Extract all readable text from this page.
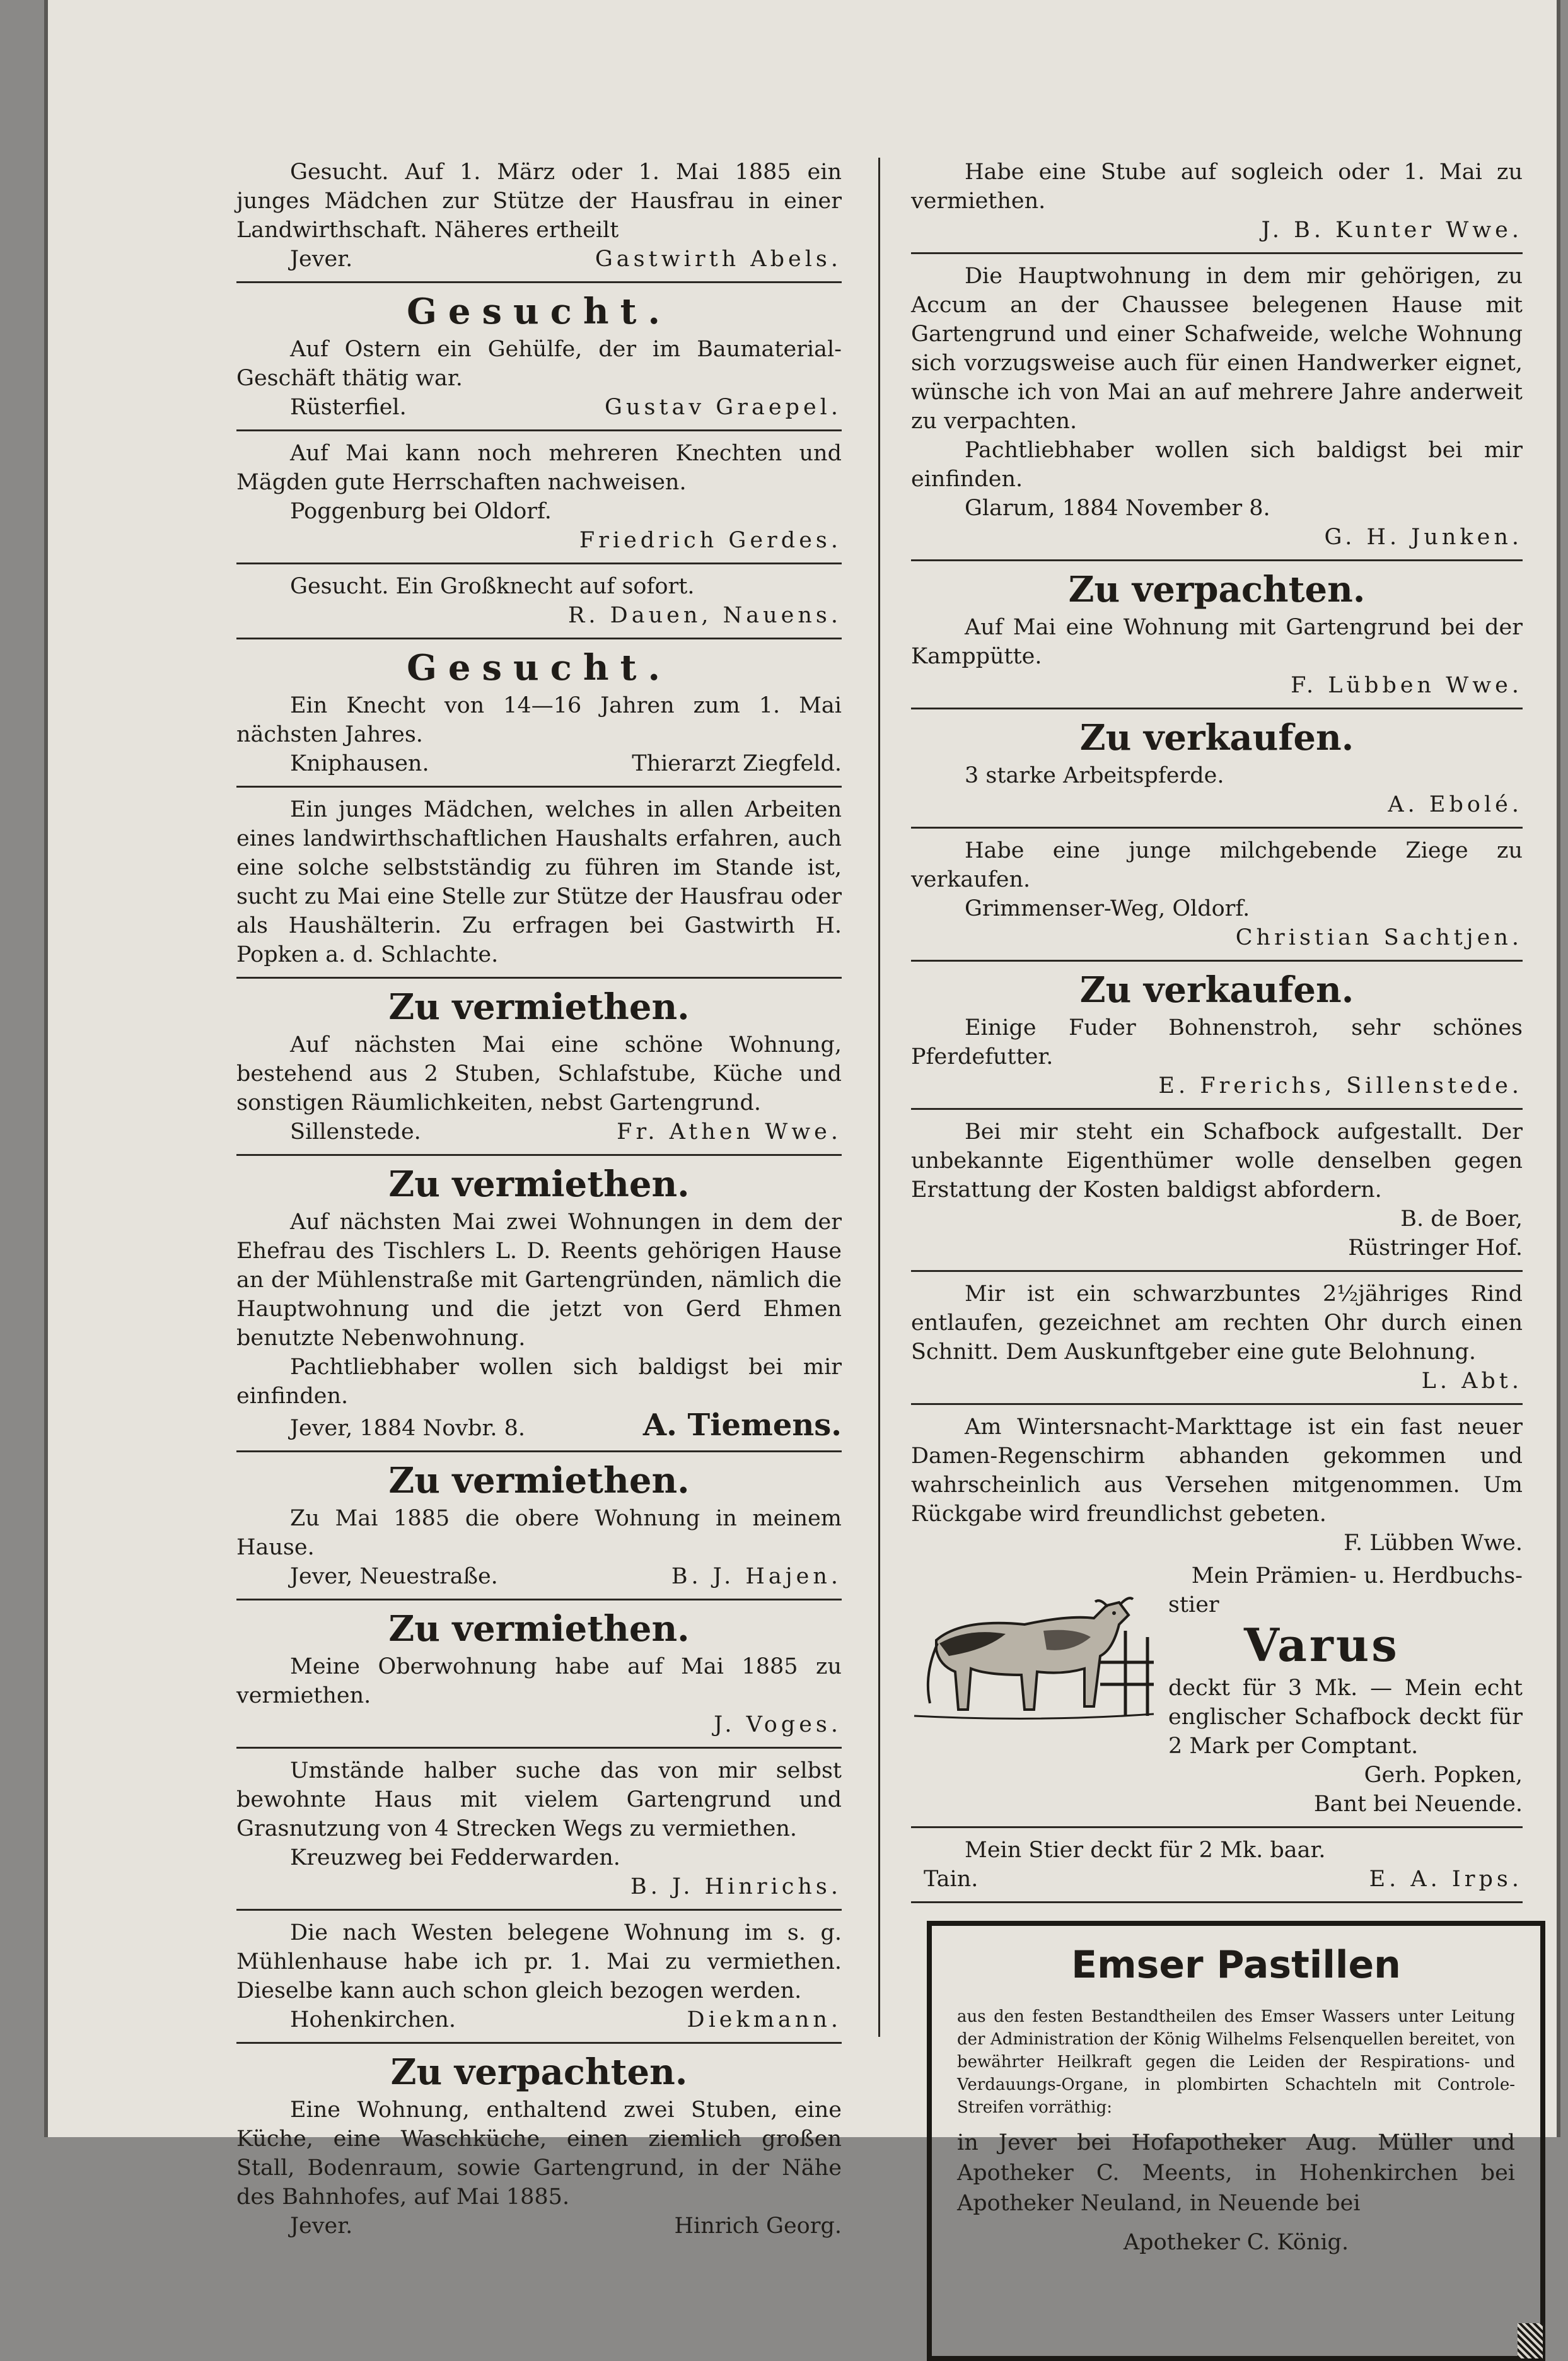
Gesucht. Auf 1. März oder 1. Mai 1885 ein junges Mädchen zur Stütze der Hausfrau in einer Landwirthschaft. Näheres ertheilt

Jever.	Gastwirth Abels.
Gesucht.

Auf Ostern ein Gehülfe, der im Baumaterial-Geschäft thätig war.

Rüsterfiel.	Gustav Graepel.

Auf Mai kann noch mehreren Knechten und Mägden gute Herrschaften nachweisen.

Poggenburg bei Oldorf.
Friedrich Gerdes.

Gesucht. Ein Großknecht auf sofort.

R. Dauen, Nauens.
Gesucht.

Ein Knecht von 14—16 Jahren zum 1. Mai nächsten Jahres.

Kniphausen.	Thierarzt Ziegfeld.

Ein junges Mädchen, welches in allen Arbeiten eines landwirthschaftlichen Haushalts erfahren, auch eine solche selbstständig zu führen im Stande ist, sucht zu Mai eine Stelle zur Stütze der Hausfrau oder als Haushälterin. Zu erfragen bei Gastwirth H. Popken a. d. Schlachte.

Zu vermiethen.

Auf nächsten Mai eine schöne Wohnung, bestehend aus 2 Stuben, Schlafstube, Küche und sonstigen Räumlichkeiten, nebst Gartengrund.

Sillenstede.	Fr. Athen Wwe.
Zu vermiethen.

Auf nächsten Mai zwei Wohnungen in dem der Ehefrau des Tischlers L. D. Reents gehörigen Hause an der Mühlenstraße mit Gartengründen, nämlich die Hauptwohnung und die jetzt von Gerd Ehmen benutzte Nebenwohnung.

Pachtliebhaber wollen sich baldigst bei mir einfinden.

Jever, 1884 Novbr. 8.	A. Tiemens.
Zu vermiethen.

Zu Mai 1885 die obere Wohnung in meinem Hause.

Jever, Neuestraße.	B. J. Hajen.
Zu vermiethen.

Meine Oberwohnung habe auf Mai 1885 zu vermiethen.

J. Voges.

Umstände halber suche das von mir selbst bewohnte Haus mit vielem Gartengrund und Grasnutzung von 4 Strecken Wegs zu vermiethen.

Kreuzweg bei Fedderwarden.
B. J. Hinrichs.

Die nach Westen belegene Wohnung im s. g. Mühlenhause habe ich pr. 1. Mai zu vermiethen. Dieselbe kann auch schon gleich bezogen werden.

Hohenkirchen.	Diekmann.
Zu verpachten.

Eine Wohnung, enthaltend zwei Stuben, eine Küche, eine Waschküche, einen ziemlich großen Stall, Bodenraum, sowie Gartengrund, in der Nähe des Bahnhofes, auf Mai 1885.

Jever.	Hinrich Georg.

Habe eine Stube auf sogleich oder 1. Mai zu vermiethen.

J. B. Kunter Wwe.

Die Hauptwohnung in dem mir gehörigen, zu Accum an der Chaussee belegenen Hause mit Gartengrund und einer Schafweide, welche Wohnung sich vorzugsweise auch für einen Handwerker eignet, wünsche ich von Mai an auf mehrere Jahre anderweit zu verpachten.

Pachtliebhaber wollen sich baldigst bei mir einfinden.

Glarum, 1884 November 8.
G. H. Junken.
Zu verpachten.

Auf Mai eine Wohnung mit Gartengrund bei der Kamppütte.

F. Lübben Wwe.
Zu verkaufen.

3 starke Arbeitspferde.

A. Ebolé.

Habe eine junge milchgebende Ziege zu verkaufen.

Grimmenser-Weg, Oldorf.
Christian Sachtjen.
Zu verkaufen.

Einige Fuder Bohnenstroh, sehr schönes Pferdefutter.

E. Frerichs, Sillenstede.

Bei mir steht ein Schafbock aufgestallt. Der unbekannte Eigenthümer wolle denselben gegen Erstattung der Kosten baldigst abfordern.

B. de Boer,
Rüstringer Hof.

Mir ist ein schwarzbuntes 2½jähriges Rind entlaufen, gezeichnet am rechten Ohr durch einen Schnitt. Dem Auskunftgeber eine gute Belohnung.

L. Abt.

Am Wintersnacht-Markttage ist ein fast neuer Damen-Regenschirm abhanden gekommen und wahrscheinlich aus Versehen mitgenommen. Um Rückgabe wird freundlichst gebeten.

F. Lübben Wwe.
Mein Prämien- u. Herdbuchs-
stier
Varus

deckt für 3 Mk. — Mein echt englischer Schafbock deckt für 2 Mark per Comptant.

Gerh. Popken,
Bant bei Neuende.

Mein Stier deckt für 2 Mk. baar.

Tain.	E. A. Irps.
Emser Pastillen
aus den festen Bestandtheilen des Emser Wassers unter Leitung der Administration der König Wilhelms Felsenquellen bereitet, von bewährter Heilkraft gegen die Leiden der Respirations- und Verdauungs-Organe, in plombirten Schachteln mit Controle-Streifen vorräthig:
in Jever bei Hofapotheker Aug. Müller und Apotheker C. Meents, in Hohenkirchen bei Apotheker Neuland, in Neuende bei
Apotheker C. König.
